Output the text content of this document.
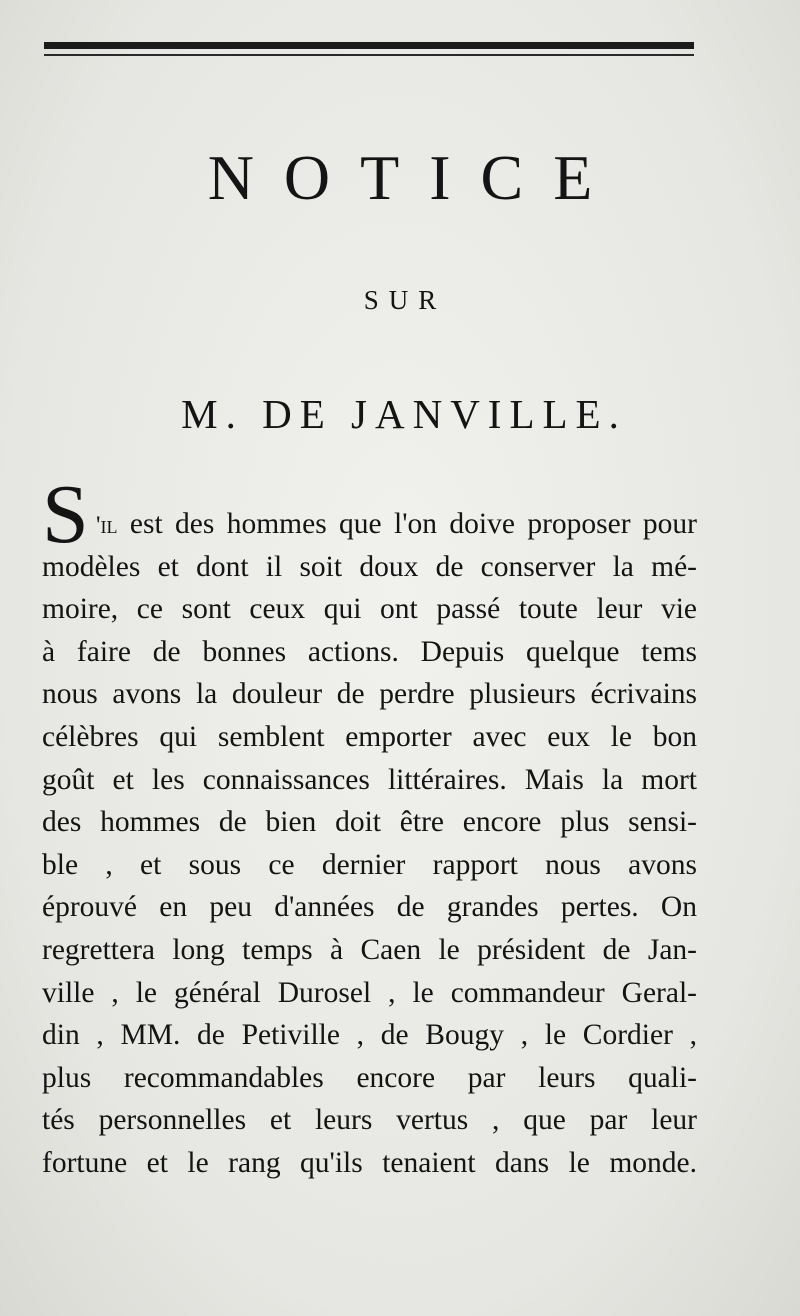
NOTICE
SUR
M. DE JANVILLE.
S 'il est des hommes que l'on doive proposer pour
modèles et dont il soit doux de conserver la mé-
moire, ce sont ceux qui ont passé toute leur vie
à faire de bonnes actions. Depuis quelque tems
nous avons la douleur de perdre plusieurs écrivains
célèbres qui semblent emporter avec eux le bon
goût et les connaissances littéraires. Mais la mort
des hommes de bien doit être encore plus sensi-
ble , et sous ce dernier rapport nous avons
éprouvé en peu d'années de grandes pertes. On
regrettera long temps à Caen le président de Jan-
ville , le général Durosel , le commandeur Geral-
din , MM. de Petiville , de Bougy , le Cordier ,
plus recommandables encore par leurs quali-
tés personnelles et leurs vertus , que par leur
fortune et le rang qu'ils tenaient dans le monde.
